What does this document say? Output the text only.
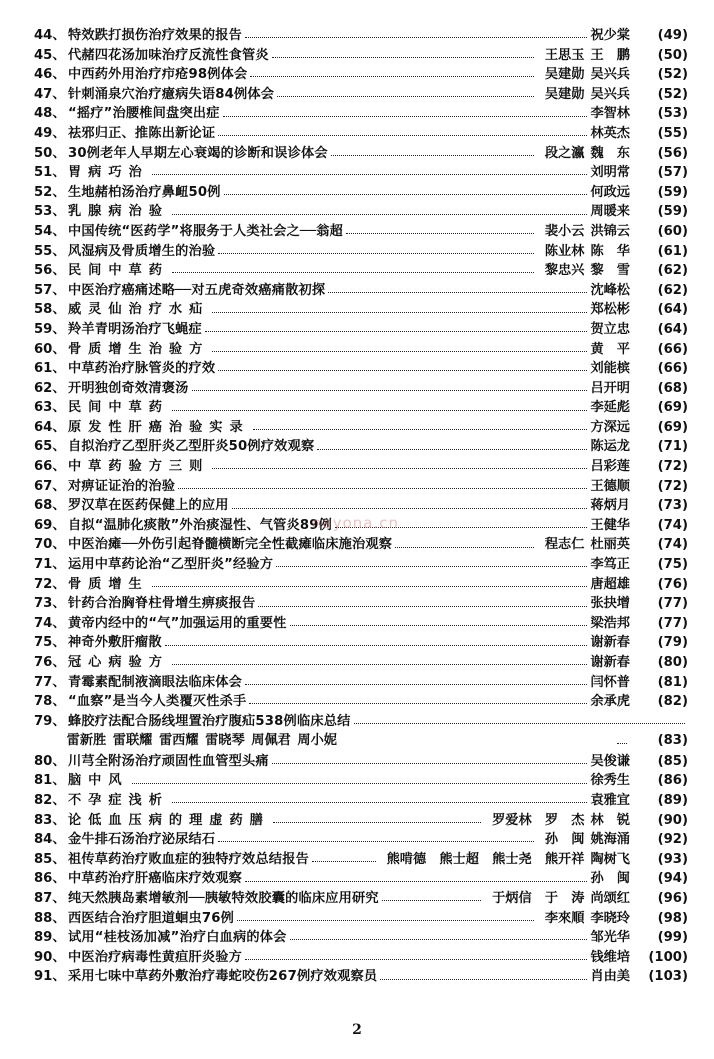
44、 特效跌打损伤治疗效果的报告	祝少棠	(49)
45、 代赭四花汤加味治疗反流性食管炎	王思玉 王　鹏	(50)
46、 中西药外用治疗疖疮98例体会	吴建勋 吴兴兵	(52)
47、 针刺涌泉穴治疗癔病失语84例体会	吴建勋 吴兴兵	(52)
48、 “摇疗”治腰椎间盘突出症	李智林	(53)
49、 祛邪归正、推陈出新论证	林英杰	(55)
50、 30例老年人早期左心衰竭的诊断和误诊体会	段之瀛 魏　东	(56)
51、 胃病巧治	刘明常	(57)
52、 生地赭柏汤治疗鼻衄50例	何政远	(59)
53、 乳腺病治验	周暖来	(59)
54、 中国传统“医药学”将服务于人类社会之──翁超	裴小云 洪锦云	(60)
55、 风湿病及骨质增生的治验	陈业林 陈　华	(61)
56、 民间中草药	黎忠兴 黎　雪	(62)
57、 中医治疗癌痛述略──对五虎奇效癌痛散初探	沈峰松	(62)
58、 威灵仙治疗水疝	郑松彬	(64)
59、 羚羊青明汤治疗飞蝇症	贺立忠	(64)
60、 骨质增生治验方	黄　平	(66)
61、 中草药治疗脉管炎的疗效	刘能槟	(66)
62、 开明独创奇效清褒汤	吕开明	(68)
63、 民间中草药	李延彪	(69)
64、 原发性肝癌治验实录	方深远	(69)
65、 自拟治疗乙型肝炎乙型肝炎50例疗效观察	陈运龙	(71)
66、 中草药验方三则	吕彩莲	(72)
67、 对痹证证治的治验	王德顺	(72)
68、 罗汉草在医药保健上的应用	蒋炳月	(73)
69、 自拟“温肺化痰散”外治痰湿性、气管炎89例	王健华	(74)
70、 中医治瘫──外伤引起脊髓横断完全性截瘫临床施治观察	程志仁 杜丽英	(74)
71、 运用中草药论治“乙型肝炎”经验方	李笃正	(75)
72、 骨质增生	唐超雄	(76)
73、 针药合治胸脊柱骨增生痹痰报告	张抉增	(77)
74、 黄帝内经中的“气”加强运用的重要性	梁浩邦	(77)
75、 神奇外敷肝瘤散	谢新春	(79)
76、 冠心病验方	谢新春	(80)
77、 青霉素配制液滴眼法临床体会	闫怀普	(81)
78、 “血察”是当今人类覆灭性杀手	余承虎	(82)
79、 蜂胶疗法配合肠线埋置治疗腹疝538例临床总结
雷新胜 雷联耀 雷西耀 雷晓琴 周佩君 周小妮	(83)
80、 川芎全附汤治疗顽固性血管型头痛	吴俊谦	(85)
81、 脑中风	徐秀生	(86)
82、 不孕症浅析	袁雅宜	(89)
83、 论低血压病的理虚药膳	罗爱林　罗　杰 林　锐	(90)
84、 金牛排石汤治疗泌尿结石	孙　闽 姚海涌	(92)
85、 祖传草药治疗败血症的独特疗效总结报告	熊啃德　熊士超　熊士尧　熊开祥 陶树飞	(93)
86、 中草药治疗肝癌临床疗效观察	孙　闽	(94)
87、 纯天然胰岛素增敏剂──胰敏特效胶囊的临床应用研究	于炳信　于　涛 尚颂红	(96)
88、 西医结合治疗胆道蛔虫76例	李來順 李晓玲	(98)
89、 试用“桂枝汤加减”治疗白血病的体会	邹光华	(99)
90、 中医治疗病毒性黄疸肝炎验方	钱维培	(100)
91、 采用七味中草药外敷治疗毒蛇咬伤267例疗效观察员	肖由美	(103)
nayona.cn
2
